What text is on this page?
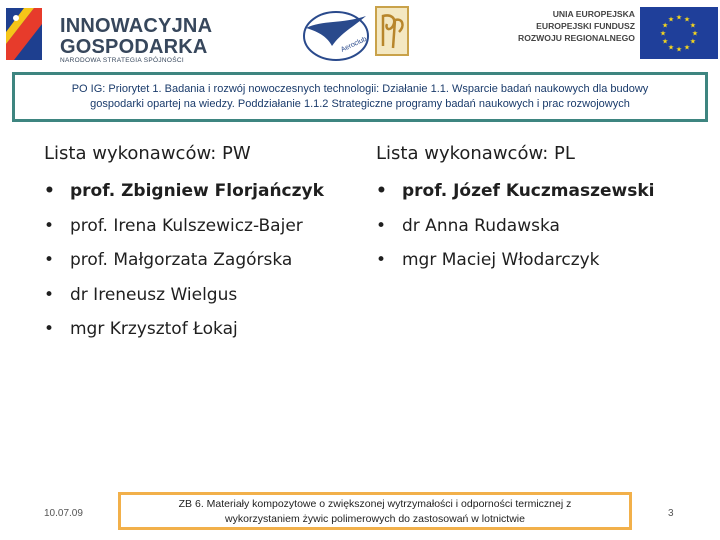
INNOWACYJNA
GOSPODARKA
NARODOWA STRATEGIA SPÓJNOŚCI
Aeroclub
UNIA EUROPEJSKA
EUROPEJSKI FUNDUSZ
ROZWOJU REGIONALNEGO	★
★
★
★
★
★
★
★
★ ★ ★
★
PO IG: Priorytet 1. Badania i rozwój nowoczesnych technologii: Działanie 1.1. Wsparcie badań naukowych dla budowy
gospodarki opartej na wiedzy. Poddziałanie 1.1.2 Strategiczne programy badań naukowych i prac rozwojowych
Lista wykonawców: PW
• prof. Zbigniew Florjańczyk
• prof. Irena Kulszewicz-Bajer
• prof. Małgorzata Zagórska
• dr Ireneusz Wielgus
• mgr Krzysztof Łokaj
Lista wykonawców: PL
• prof. Józef Kuczmaszewski
• dr Anna Rudawska
• mgr Maciej Włodarczyk
10.07.09
ZB 6. Materiały kompozytowe o zwiększonej wytrzymałości i odporności termicznej z
wykorzystaniem żywic polimerowych do zastosowań w lotnictwie	3
